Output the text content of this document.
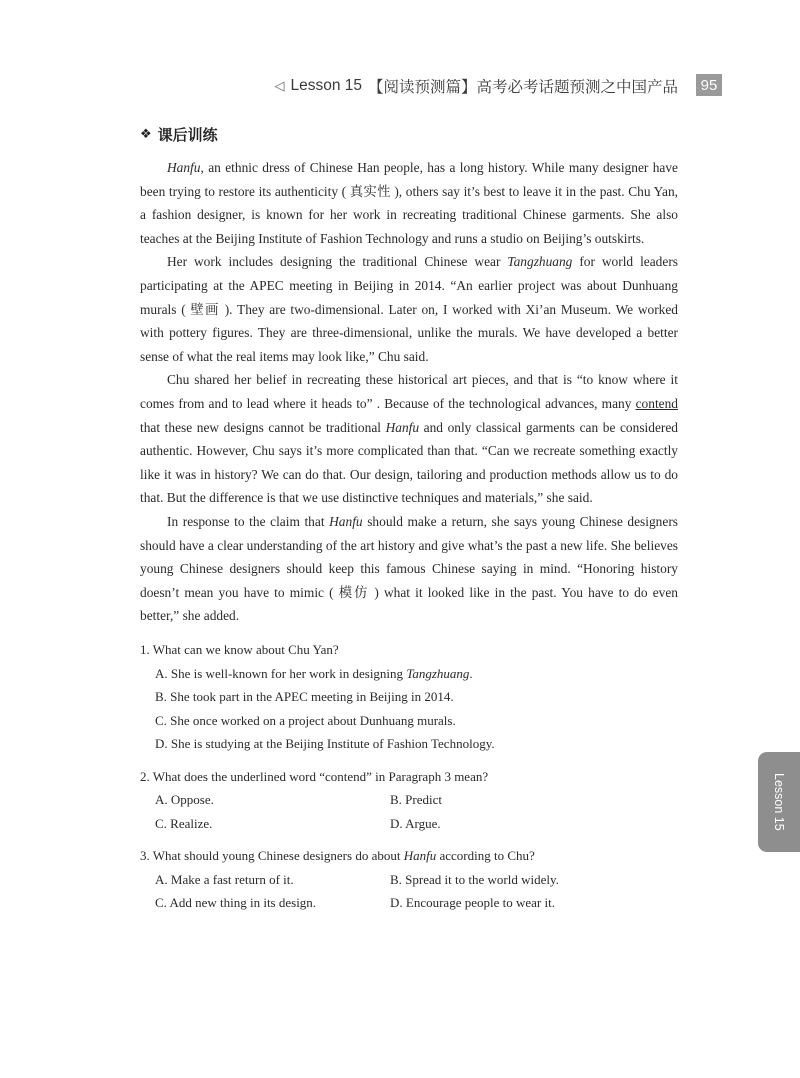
◁ Lesson 15 【阅读预测篇】高考必考话题预测之中国产品	95
❖ 课后训练

Hanfu, an ethnic dress of Chinese Han people, has a long history. While many designer have been trying to restore its authenticity ( 真实性 ), others say it’s best to leave it in the past. Chu Yan, a fashion designer, is known for her work in recreating traditional Chinese garments. She also teaches at the Beijing Institute of Fashion Technology and runs a studio on Beijing’s outskirts.

Her work includes designing the traditional Chinese wear Tangzhuang for world leaders participating at the APEC meeting in Beijing in 2014. “An earlier project was about Dunhuang murals ( 壁画 ). They are two-dimensional. Later on, I worked with Xi’an Museum. We worked with pottery figures. They are three-dimensional, unlike the murals. We have developed a better sense of what the real items may look like,” Chu said.

Chu shared her belief in recreating these historical art pieces, and that is “to know where it comes from and to lead where it heads to” . Because of the technological advances, many contend that these new designs cannot be traditional Hanfu and only classical garments can be considered authentic. However, Chu says it’s more complicated than that. “Can we recreate something exactly like it was in history? We can do that. Our design, tailoring and production methods allow us to do that. But the difference is that we use distinctive techniques and materials,” she said.

In response to the claim that Hanfu should make a return, she says young Chinese designers should have a clear understanding of the art history and give what’s the past a new life. She believes young Chinese designers should keep this famous Chinese saying in mind. “Honoring history doesn’t mean you have to mimic ( 模仿 ) what it looked like in the past. You have to do even better,” she added.

1. What can we know about Chu Yan?
A. She is well-known for her work in designing Tangzhuang.
B. She took part in the APEC meeting in Beijing in 2014.
C. She once worked on a project about Dunhuang murals.
D. She is studying at the Beijing Institute of Fashion Technology.
2. What does the underlined word “contend” in Paragraph 3 mean?
A. Oppose.	B. Predict
C. Realize.	D. Argue.
3. What should young Chinese designers do about Hanfu according to Chu?
A. Make a fast return of it.	B. Spread it to the world widely.
C. Add new thing in its design.	D. Encourage people to wear it.
Lesson 15
